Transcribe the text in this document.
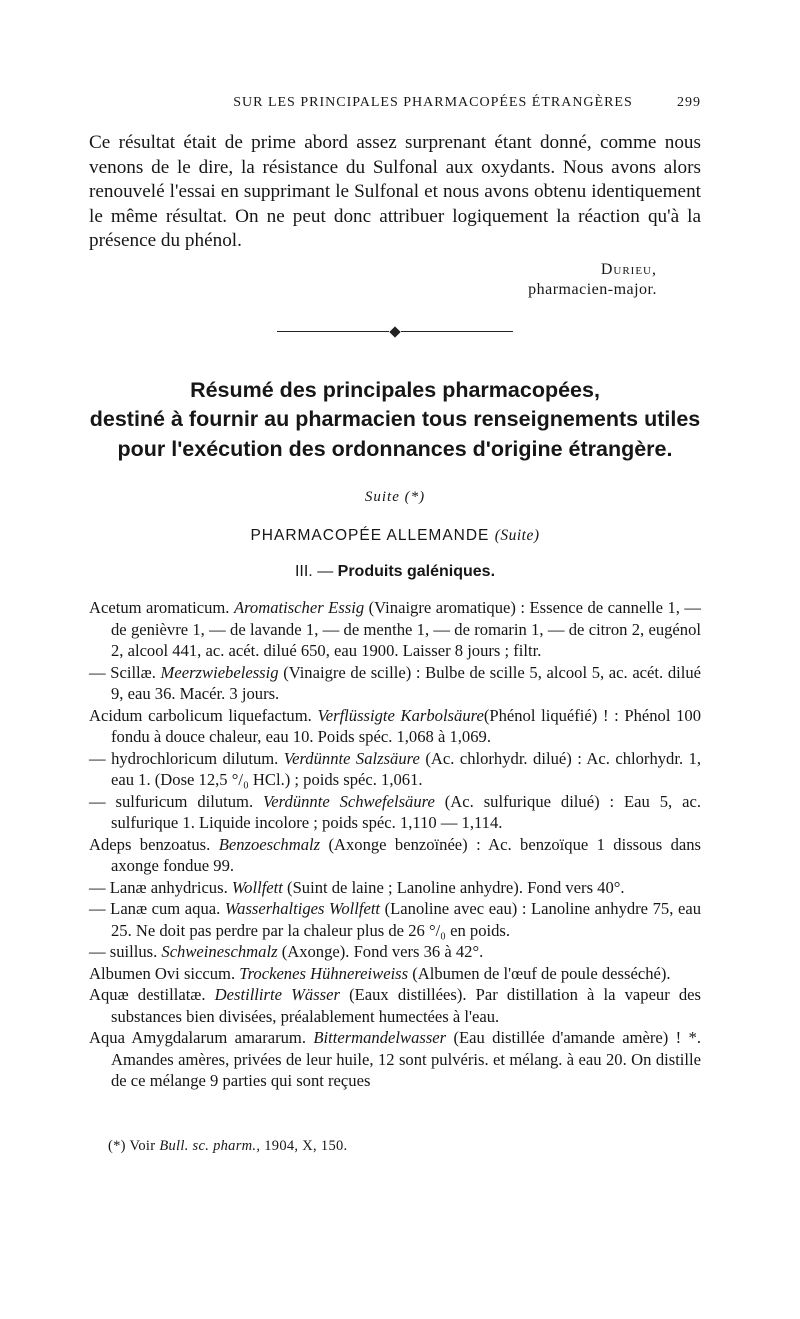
SUR LES PRINCIPALES PHARMACOPÉES ÉTRANGÈRES	299

Ce résultat était de prime abord assez surprenant étant donné, comme nous venons de le dire, la résistance du Sulfonal aux oxydants. Nous avons alors renouvelé l'essai en supprimant le Sulfonal et nous avons obtenu identiquement le même résultat. On ne peut donc attribuer logiquement la réaction qu'à la présence du phénol.

Durieu,
pharmacien-major.
Résumé des principales pharmacopées,
destiné à fournir au pharmacien tous renseignements utiles
pour l'exécution des ordonnances d'origine étrangère.
Suite (*)
PHARMACOPÉE ALLEMANDE (Suite)
III. — Produits galéniques.

Acetum aromaticum. Aromatischer Essig (Vinaigre aromatique) : Essence de cannelle 1, — de genièvre 1, — de lavande 1, — de menthe 1, — de romarin 1, — de citron 2, eugénol 2, alcool 441, ac. acét. dilué 650, eau 1900. Laisser 8 jours ; filtr.

— Scillæ. Meerzwiebelessig (Vinaigre de scille) : Bulbe de scille 5, alcool 5, ac. acét. dilué 9, eau 36. Macér. 3 jours.

Acidum carbolicum liquefactum. Verflüssigte Karbolsäure(Phénol liquéfié) ! : Phénol 100 fondu à douce chaleur, eau 10. Poids spéc. 1,068 à 1,069.

— hydrochloricum dilutum. Verdünnte Salzsäure (Ac. chlorhydr. dilué) : Ac. chlorhydr. 1, eau 1. (Dose 12,5 °/₀ HCl.) ; poids spéc. 1,061.

— sulfuricum dilutum. Verdünnte Schwefelsäure (Ac. sulfurique dilué) : Eau 5, ac. sulfurique 1. Liquide incolore ; poids spéc. 1,110 — 1,114.

Adeps benzoatus. Benzoeschmalz (Axonge benzoïnée) : Ac. benzoïque 1 dissous dans axonge fondue 99.

— Lanæ anhydricus. Wollfett (Suint de laine ; Lanoline anhydre). Fond vers 40°.

— Lanæ cum aqua. Wasserhaltiges Wollfett (Lanoline avec eau) : Lanoline anhydre 75, eau 25. Ne doit pas perdre par la chaleur plus de 26 °/₀ en poids.

— suillus. Schweineschmalz (Axonge). Fond vers 36 à 42°.

Albumen Ovi siccum. Trockenes Hühnereiweiss (Albumen de l'œuf de poule desséché).

Aquæ destillatæ. Destillirte Wässer (Eaux distillées). Par distillation à la vapeur des substances bien divisées, préalablement humectées à l'eau.

Aqua Amygdalarum amararum. Bittermandelwasser (Eau distillée d'amande amère) ! *. Amandes amères, privées de leur huile, 12 sont pulvéris. et mélang. à eau 20. On distille de ce mélange 9 parties qui sont reçues

(*) Voir Bull. sc. pharm., 1904, X, 150.
